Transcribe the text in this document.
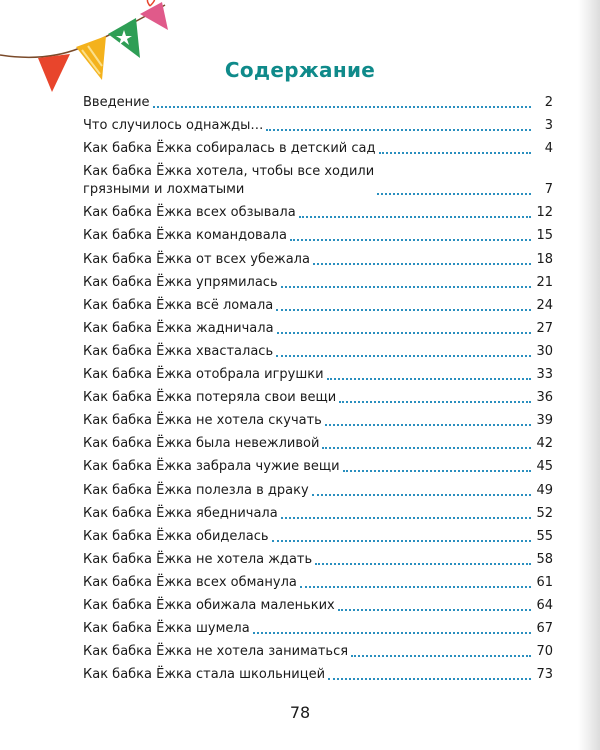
Содержание
Введение	2
Что случилось однажды…	3
Как бабка Ёжка собиралась в детский сад	4
Как бабка Ёжка хотела, чтобы все ходили
грязными и лохматыми	7
Как бабка Ёжка всех обзывала	12
Как бабка Ёжка командовала	15
Как бабка Ёжка от всех убежала	18
Как бабка Ёжка упрямилась	21
Как бабка Ёжка всё ломала	24
Как бабка Ёжка жадничала	27
Как бабка Ёжка хвасталась	30
Как бабка Ёжка отобрала игрушки	33
Как бабка Ёжка потеряла свои вещи	36
Как бабка Ёжка не хотела скучать	39
Как бабка Ёжка была невежливой	42
Как бабка Ёжка забрала чужие вещи	45
Как бабка Ёжка полезла в драку	49
Как бабка Ёжка ябедничала	52
Как бабка Ёжка обиделась	55
Как бабка Ёжка не хотела ждать	58
Как бабка Ёжка всех обманула	61
Как бабка Ёжка обижала маленьких	64
Как бабка Ёжка шумела	67
Как бабка Ёжка не хотела заниматься	70
Как бабка Ёжка стала школьницей	73
78
